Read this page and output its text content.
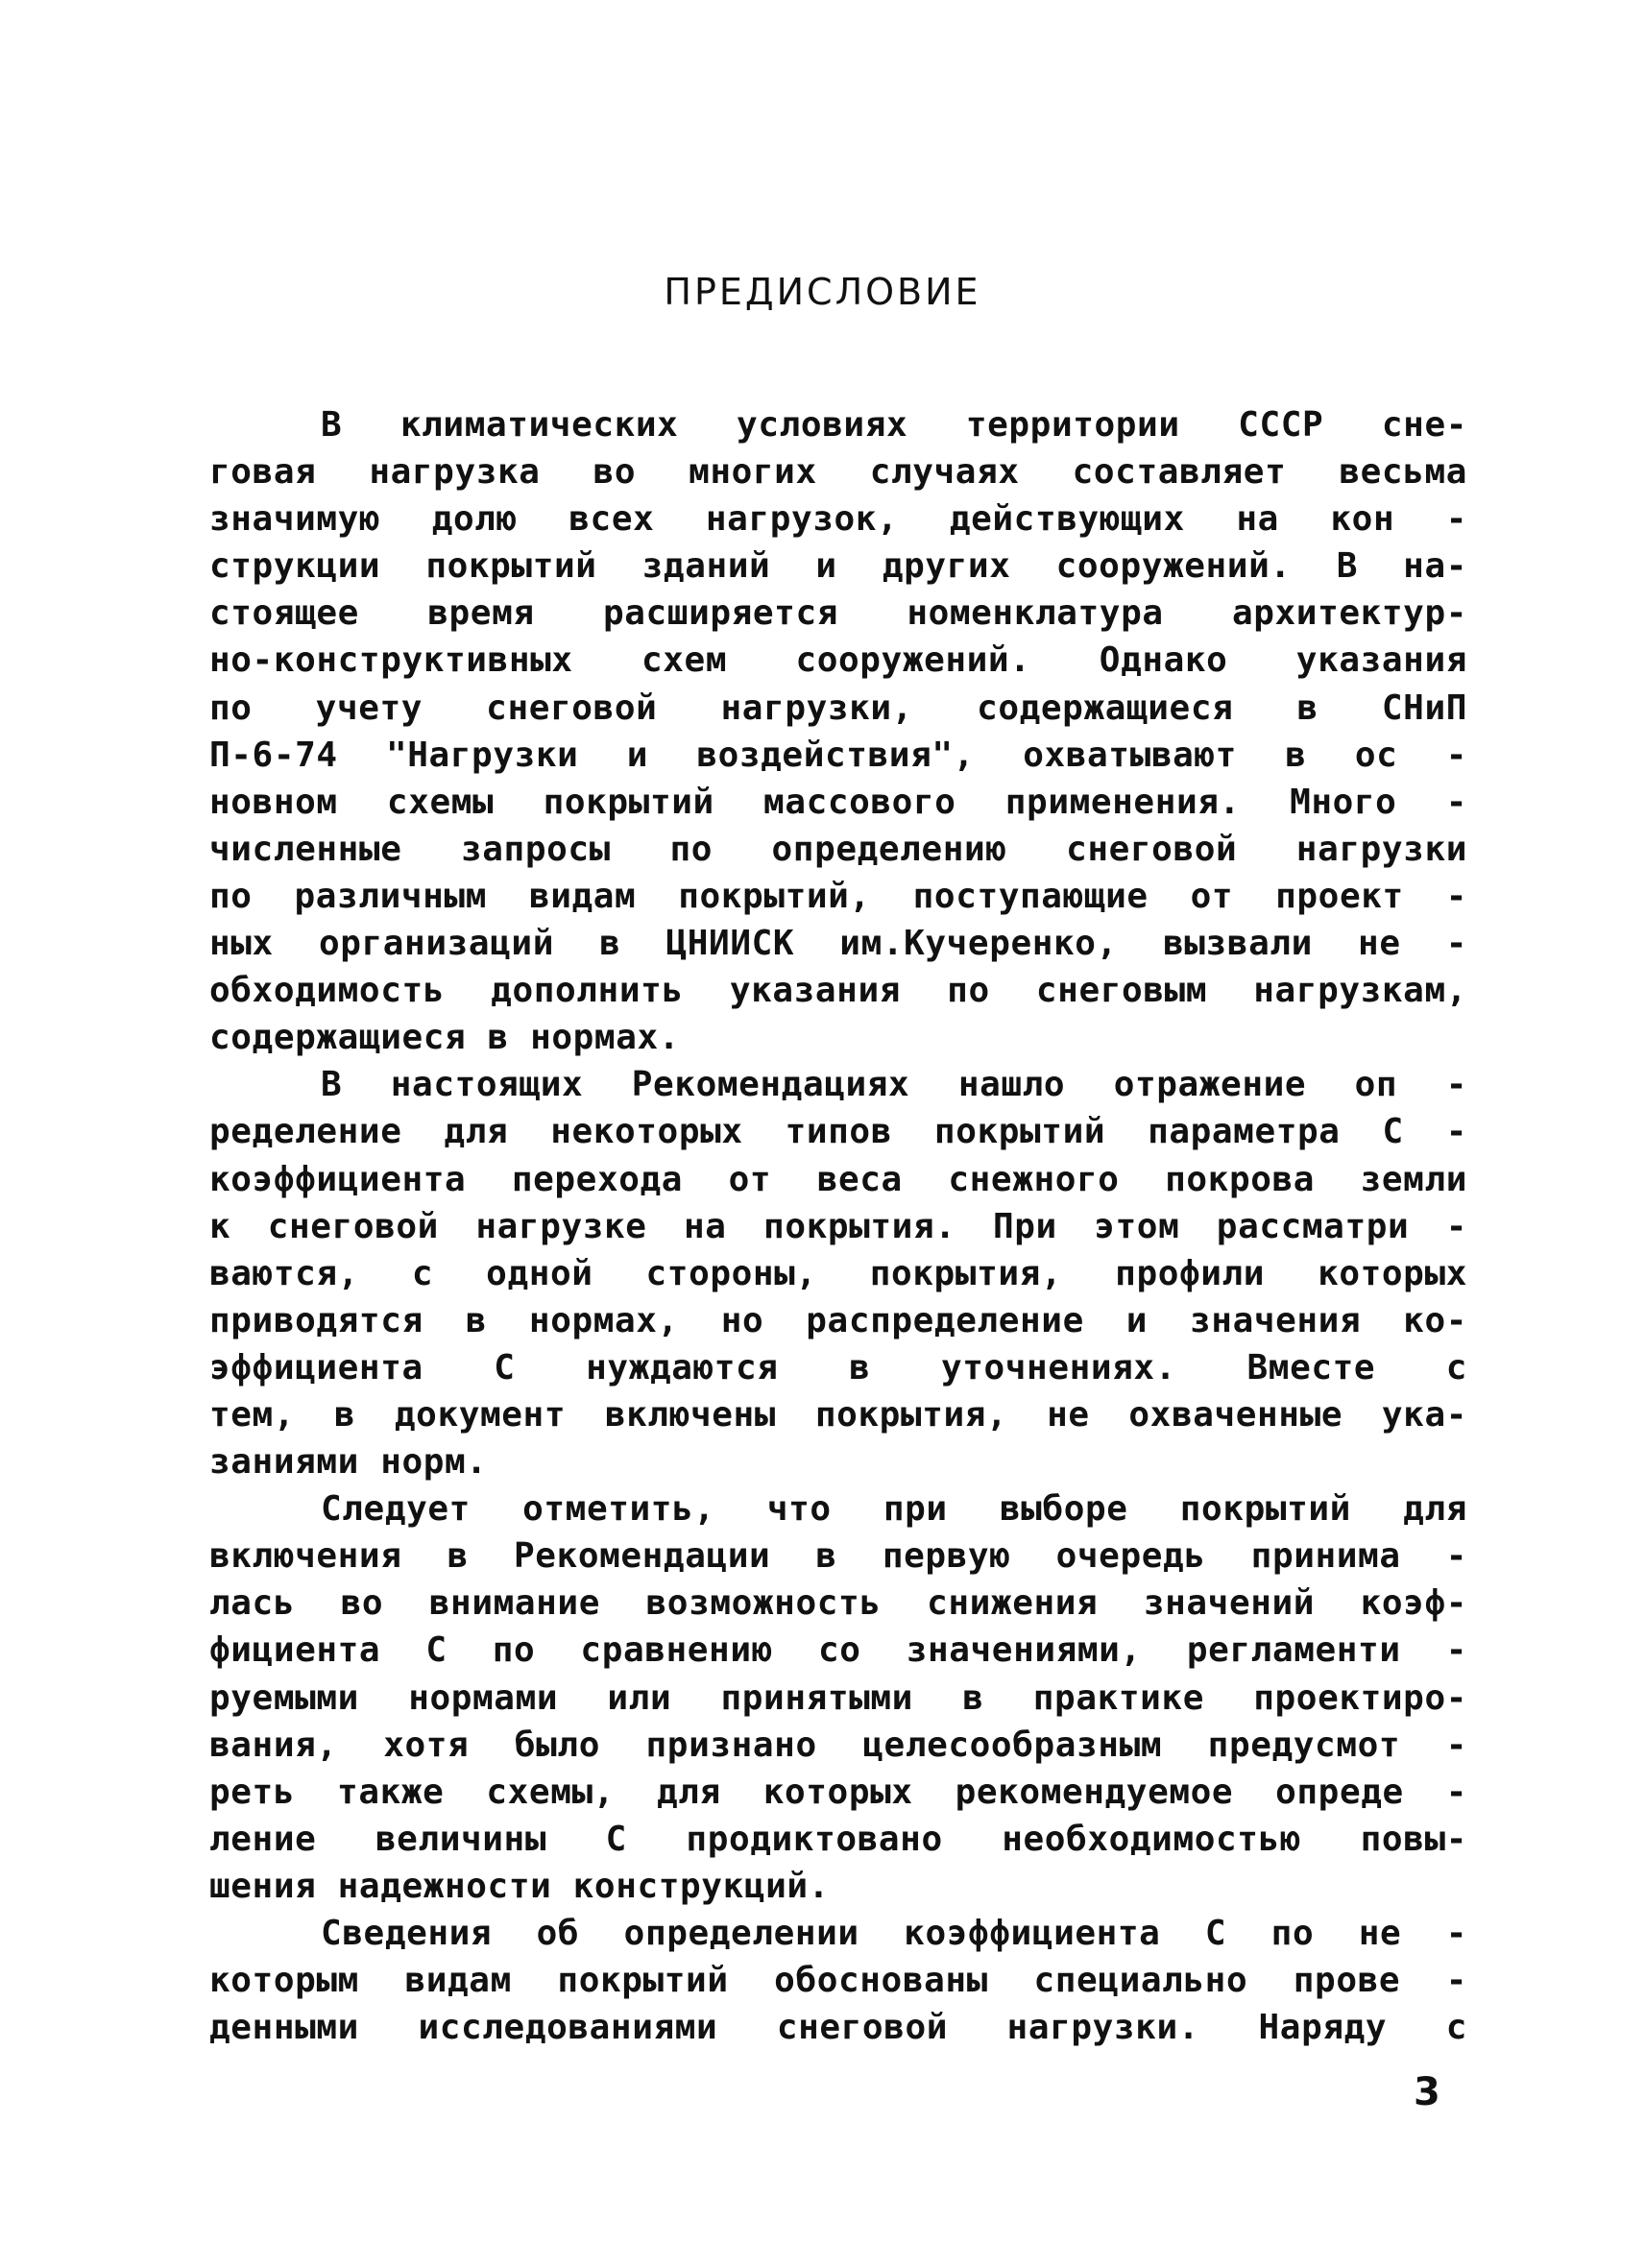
ПРЕДИСЛОВИЕ
В климатических условиях территории СССР сне-
говая нагрузка во многих случаях составляет весьма
значимую долю всех нагрузок, действующих на кон -
струкции покрытий зданий и других сооружений. В на-
стоящее время расширяется номенклатура архитектур-
но-конструктивных схем сооружений. Однако указания
по учету снеговой нагрузки, содержащиеся в СНиП
П-6-74 "Нагрузки и воздействия", охватывают в ос -
новном схемы покрытий массового применения. Много -
численные запросы по определению снеговой нагрузки
по различным видам покрытий, поступающие от проект -
ных организаций в ЦНИИСК им.Кучеренко, вызвали не -
обходимость дополнить указания по снеговым нагрузкам,
содержащиеся в нормах.
В настоящих Рекомендациях нашло отражение оп -
ределение для некоторых типов покрытий параметра С -
коэффициента перехода от веса снежного покрова земли
к снеговой нагрузке на покрытия. При этом рассматри -
ваются, с одной стороны, покрытия, профили которых
приводятся в нормах, но распределение и значения ко-
эффициента С нуждаются в уточнениях. Вместе с
тем, в документ включены покрытия, не охваченные ука-
заниями норм.
Следует отметить, что при выборе покрытий для
включения в Рекомендации в первую очередь принима -
лась во внимание возможность снижения значений коэф-
фициента С по сравнению со значениями, регламенти -
руемыми нормами или принятыми в практике проектиро-
вания, хотя было признано целесообразным предусмот -
реть также схемы, для которых рекомендуемое опреде -
ление величины С продиктовано необходимостью повы-
шения надежности конструкций.
Сведения об определении коэффициента С по не -
которым видам покрытий обоснованы специально прове -
денными исследованиями снеговой нагрузки. Наряду с
3
